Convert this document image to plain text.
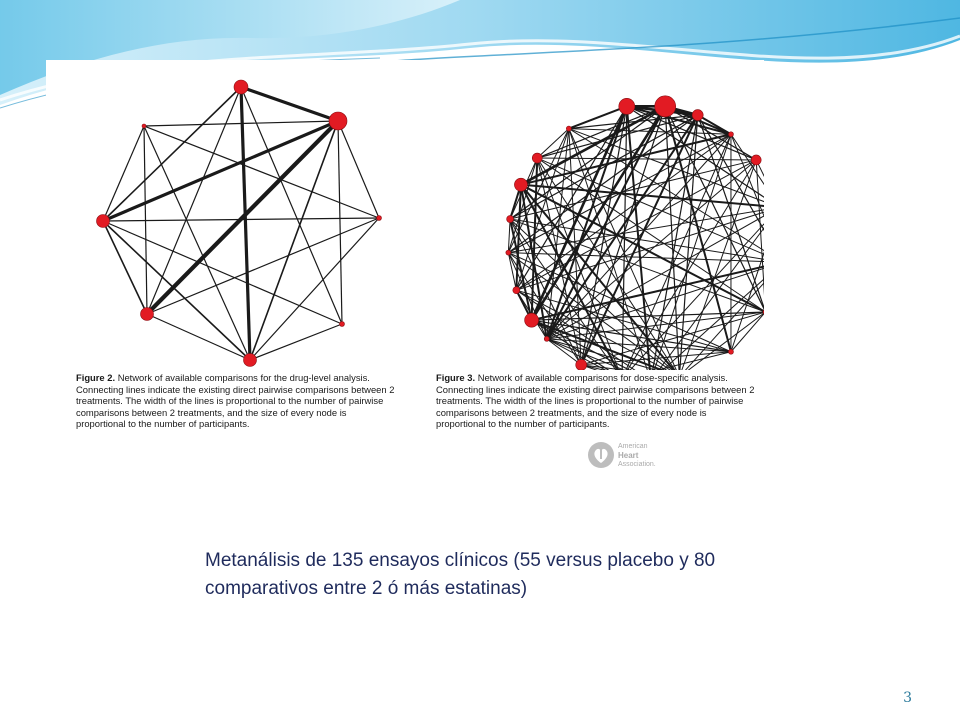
Figure 2. Network of available comparisons for the drug-level analysis. Connecting lines indicate the existing direct pairwise comparisons between 2 treatments. The width of the lines is proportional to the number of pairwise comparisons between 2 treatments, and the size of every node is proportional to the number of participants.
Figure 3. Network of available comparisons for dose-specific analysis. Connecting lines indicate the existing direct pairwise comparisons between 2 treatments. The width of the lines is proportional to the number of pairwise comparisons between 2 treatments, and the size of every node is proportional to the number of participants.
American
Heart
Association.
Metanálisis de 135 ensayos clínicos (55 versus placebo y 80 comparativos entre 2 ó más estatinas)
3
